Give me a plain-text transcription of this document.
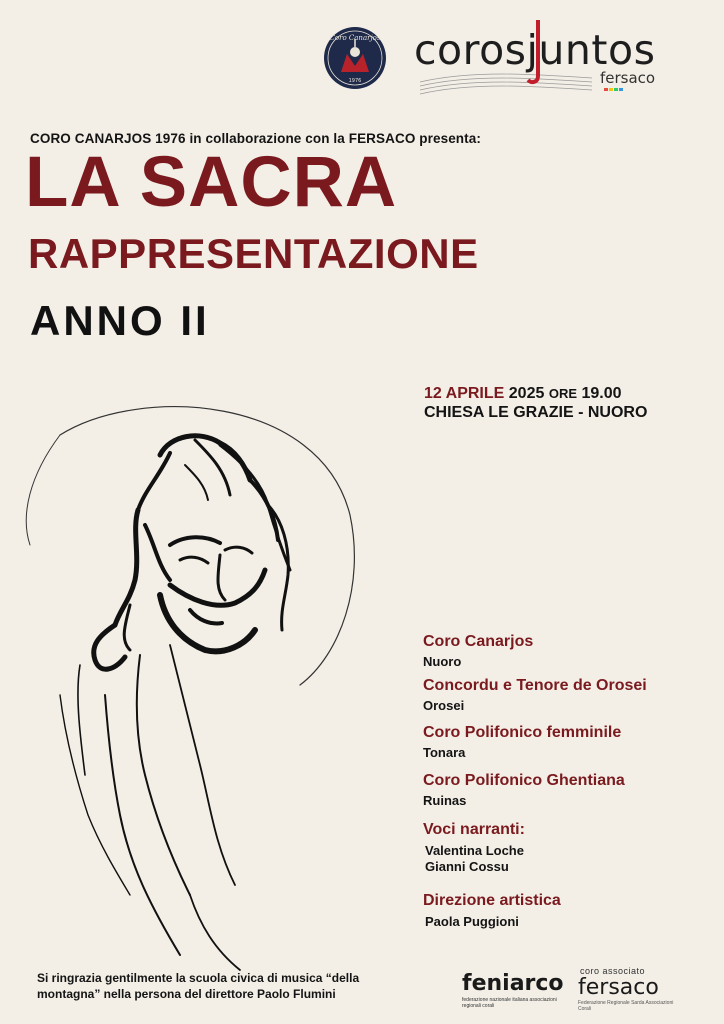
Coro Canarjos
1976
corosjuntos
fersaco
CORO CANARJOS 1976 in collaborazione con la FERSACO presenta:
LA SACRA
RAPPRESENTAZIONE
ANNO II
12 APRILE 2025 ORE 19.00
CHIESA LE GRAZIE - NUORO
Coro Canarjos
Nuoro
Concordu e Tenore de Orosei
Orosei
Coro Polifonico femminile
Tonara
Coro Polifonico Ghentiana
Ruinas
Voci narranti:
Valentina Loche
Gianni Cossu
Direzione artistica
Paola Puggioni
Si ringrazia gentilmente la scuola civica di musica “della
montagna” nella persona del direttore Paolo Flumini	feniarco
federazione nazionale italiana associazioni regionali corali
coro associato
fersaco
Federazione Regionale Sarda Associazioni Corali
